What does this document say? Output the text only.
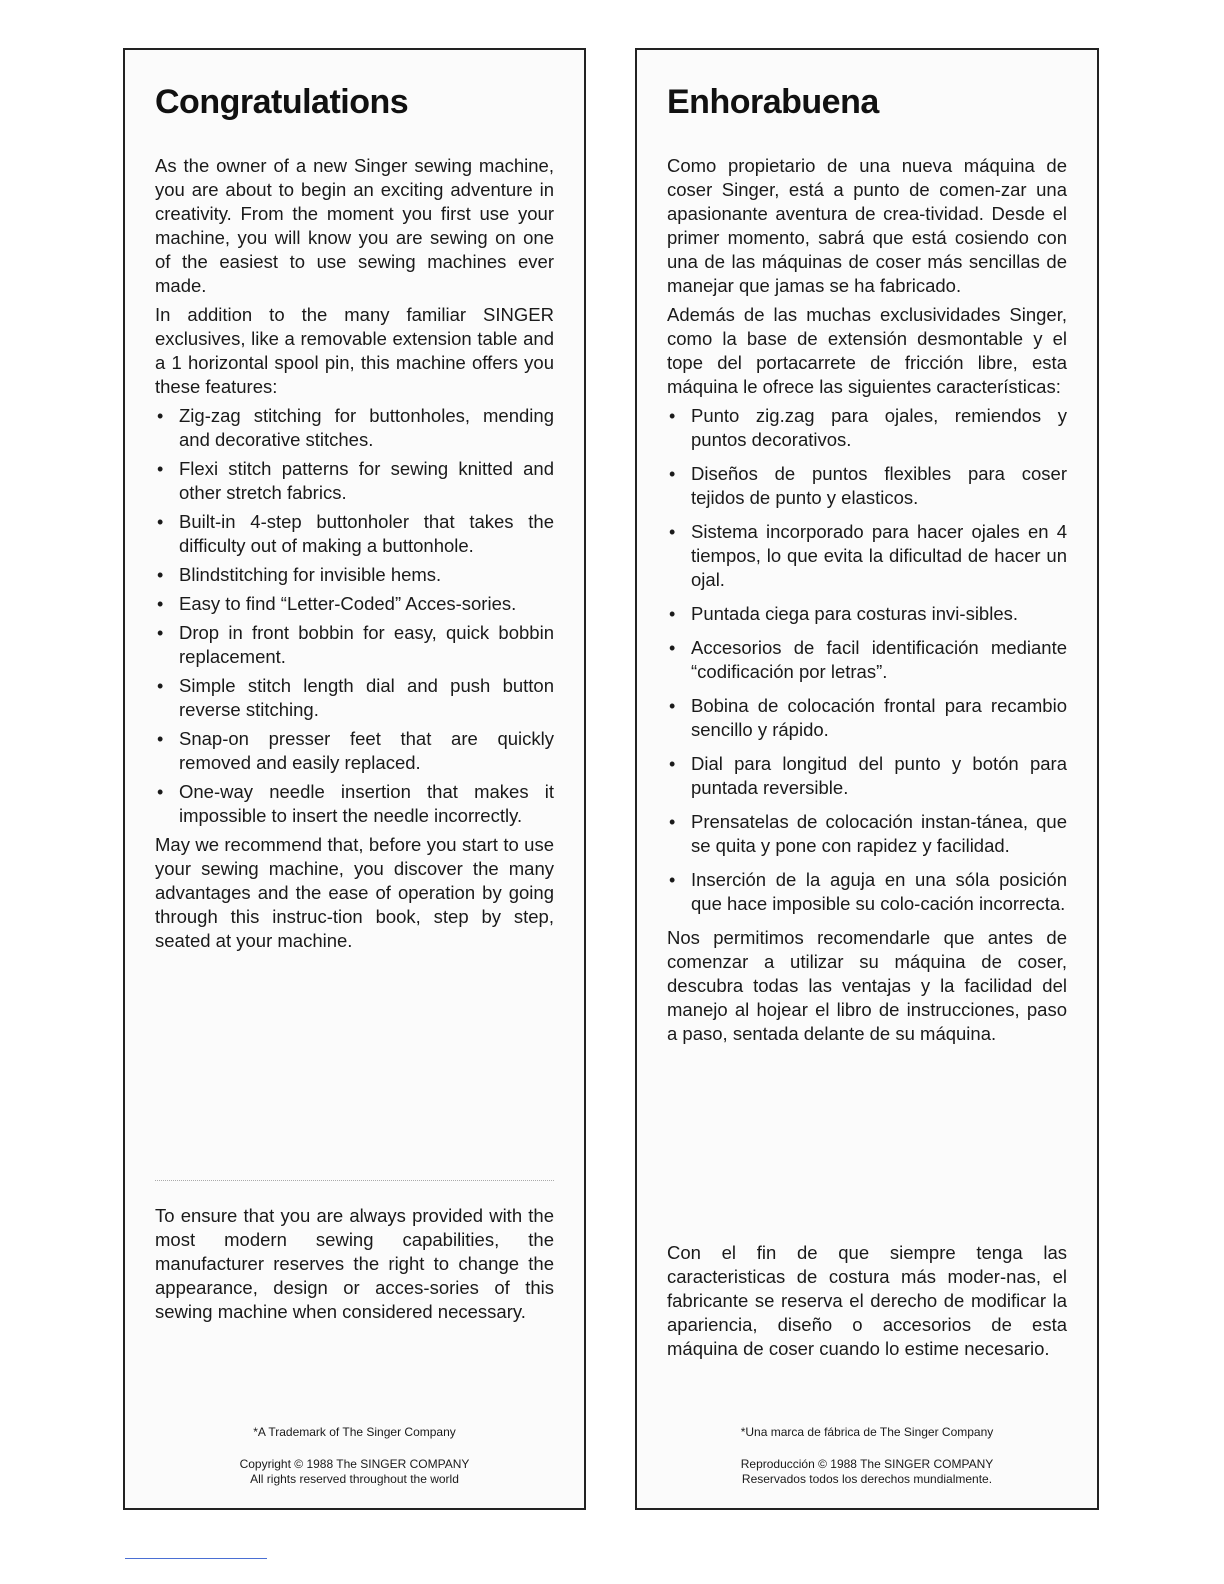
Congratulations

As the owner of a new Singer sewing machine, you are about to begin an exciting adventure in creativity. From the moment you first use your machine, you will know you are sewing on one of the easiest to use sewing machines ever made.

In addition to the many familiar SINGER exclusives, like a removable extension table and a 1 horizontal spool pin, this machine offers you these features:

• Zig-zag stitching for buttonholes, mending and decorative stitches.
• Flexi stitch patterns for sewing knitted and other stretch fabrics.
• Built-in 4-step buttonholer that takes the difficulty out of making a buttonhole.
• Blindstitching for invisible hems.
• Easy to find “Letter-Coded” Acces-sories.
• Drop in front bobbin for easy, quick bobbin replacement.
• Simple stitch length dial and push button reverse stitching.
• Snap-on presser feet that are quickly removed and easily replaced.
• One-way needle insertion that makes it impossible to insert the needle incorrectly.

May we recommend that, before you start to use your sewing machine, you discover the many advantages and the ease of operation by going through this instruc-tion book, step by step, seated at your machine.

To ensure that you are always provided with the most modern sewing capabilities, the manufacturer reserves the right to change the appearance, design or acces-sories of this sewing machine when considered necessary.

*A Trademark of The Singer Company

Copyright © 1988 The SINGER COMPANY

All rights reserved throughout the world

Enhorabuena

Como propietario de una nueva máquina de coser Singer, está a punto de comen-zar una apasionante aventura de crea-tividad. Desde el primer momento, sabrá que está cosiendo con una de las máquinas de coser más sencillas de manejar que jamas se ha fabricado.

Además de las muchas exclusividades Singer, como la base de extensión desmontable y el tope del portacarrete de fricción libre, esta máquina le ofrece las siguientes características:

• Punto zig.zag para ojales, remiendos y puntos decorativos.
• Diseños de puntos flexibles para coser tejidos de punto y elasticos.
• Sistema incorporado para hacer ojales en 4 tiempos, lo que evita la dificultad de hacer un ojal.
• Puntada ciega para costuras invi-sibles.
• Accesorios de facil identificación mediante “codificación por letras”.
• Bobina de colocación frontal para recambio sencillo y rápido.
• Dial para longitud del punto y botón para puntada reversible.
• Prensatelas de colocación instan-tánea, que se quita y pone con rapidez y facilidad.
• Inserción de la aguja en una sóla posición que hace imposible su colo-cación incorrecta.

Nos permitimos recomendarle que antes de comenzar a utilizar su máquina de coser, descubra todas las ventajas y la facilidad del manejo al hojear el libro de instrucciones, paso a paso, sentada delante de su máquina.

Con el fin de que siempre tenga las caracteristicas de costura más moder-nas, el fabricante se reserva el derecho de modificar la apariencia, diseño o accesorios de esta máquina de coser cuando lo estime necesario.

*Una marca de fábrica de The Singer Company

Reproducción © 1988 The SINGER COMPANY

Reservados todos los derechos mundialmente.
